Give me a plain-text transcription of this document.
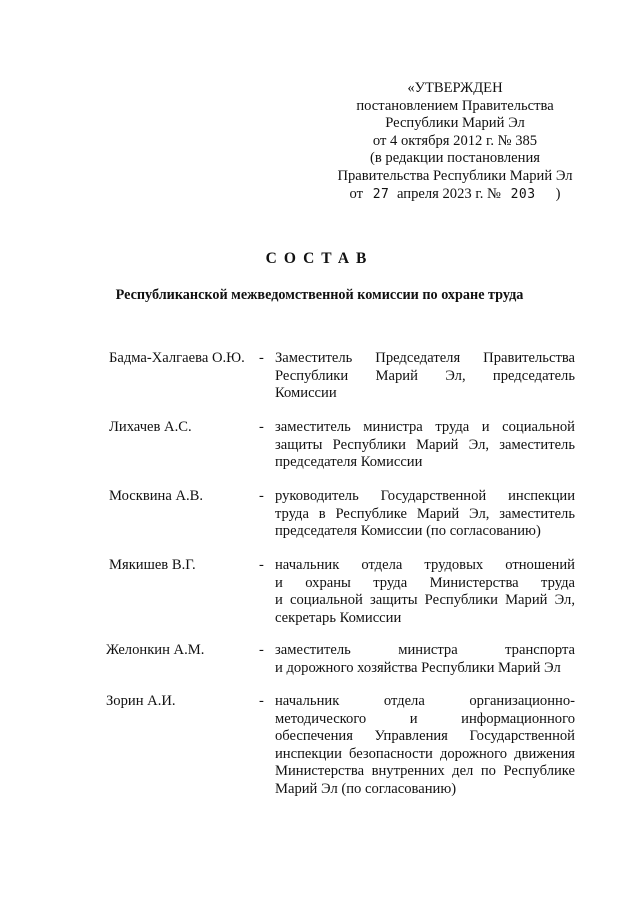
«УТВЕРЖДЕН
постановлением Правительства
Республики Марий Эл
от 4 октября 2012 г. № 385
(в редакции постановления
Правительства Республики Марий Эл
от 27 апреля 2023 г. № 203 )
СОСТАВ
Республиканской межведомственной комиссии по охране труда
Бадма-Халгаева О.Ю. - Заместитель Председателя Правительства
Республики Марий Эл, председатель
Комиссии
Лихачев А.С.	- заместитель министра труда и социальной
защиты Республики Марий Эл, заместитель
председателя Комиссии
Москвина А.В.	- руководитель Государственной инспекции
труда в Республике Марий Эл, заместитель
председателя Комиссии (по согласованию)
Мякишев В.Г.	- начальник отдела трудовых отношений
и охраны труда Министерства труда
и социальной защиты Республики Марий Эл,
секретарь Комиссии
Желонкин А.М.	- заместитель министра транспорта
и дорожного хозяйства Республики Марий Эл
Зорин А.И.	- начальник отдела организационно-
методического и информационного
обеспечения Управления Государственной
инспекции безопасности дорожного движения
Министерства внутренних дел по Республике
Марий Эл (по согласованию)
